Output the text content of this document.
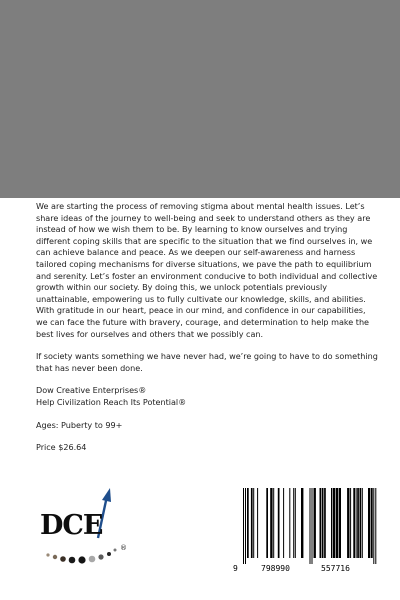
We are starting the process of removing stigma about mental health issues. Let’s share ideas of the journey to well-being and seek to understand others as they are instead of how we wish them to be. By learning to know ourselves and trying different coping skills that are specific to the situation that we find ourselves in, we can achieve balance and peace. As we deepen our self-awareness and harness tailored coping mechanisms for diverse situations, we pave the path to equilibrium and serenity. Let’s foster an environment conducive to both individual and collective growth within our society. By doing this, we unlock potentials previously unattainable, empowering us to fully cultivate our knowledge, skills, and abilities. With gratitude in our heart, peace in our mind, and confidence in our capabilities, we can face the future with bravery, courage, and determination to help make the best lives for ourselves and others that we possibly can.

If society wants something we have never had, we’re going to have to do something that has never been done.

Dow Creative Enterprises®
Help Civilization Reach Its Potential®

Ages: Puberty to 99+

Price $26.64

DCE
®
9	798990	557716
